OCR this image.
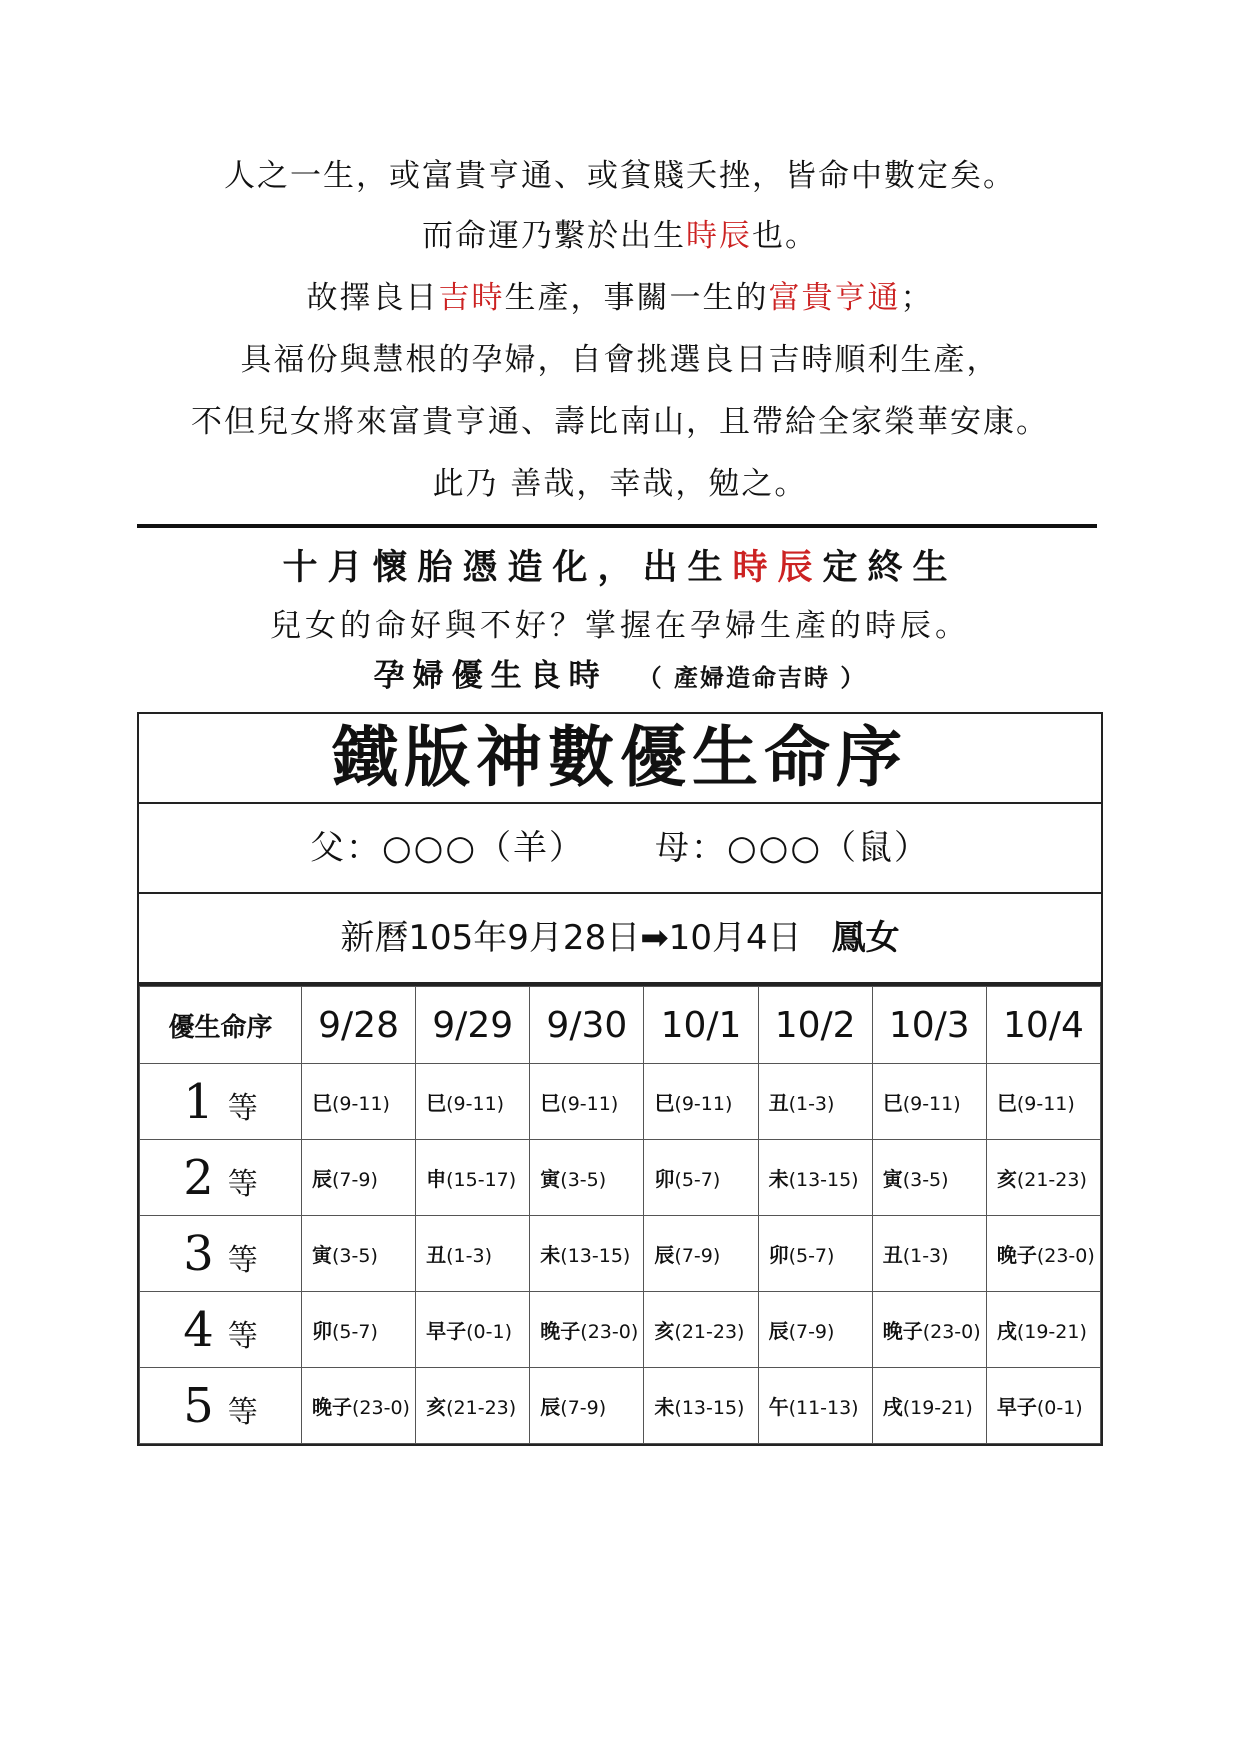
人之一生，或富貴亨通、或貧賤夭挫，皆命中數定矣。
而命運乃繫於出生時辰也。
故擇良日吉時生產，事關一生的富貴亨通；
具福份與慧根的孕婦，自會挑選良日吉時順利生產，
不但兒女將來富貴亨通、壽比南山，且帶給全家榮華安康。
此乃 善哉，幸哉，勉之。
十月懷胎憑造化，出生時辰定終生
兒女的命好與不好？掌握在孕婦生產的時辰。
孕婦優生良時 （ 產婦造命吉時 ）
鐵版神數優生命序
父：○○○（羊） 母：○○○（鼠）
新曆105年9月28日➡10月4日 鳳女
優生命序	9/28	9/29	9/30	10/1	10/2	10/3	10/4
1 等	巳(9-11)	巳(9-11)	巳(9-11)	巳(9-11)	丑(1-3)	巳(9-11)	巳(9-11)
2 等	辰(7-9)	申(15-17)	寅(3-5)	卯(5-7)	未(13-15)	寅(3-5)	亥(21-23)
3 等	寅(3-5)	丑(1-3)	未(13-15)	辰(7-9)	卯(5-7)	丑(1-3)	晚子(23-0)
4 等	卯(5-7)	早子(0-1)	晚子(23-0)	亥(21-23)	辰(7-9)	晚子(23-0)	戌(19-21)
5 等	晚子(23-0)	亥(21-23)	辰(7-9)	未(13-15)	午(11-13)	戌(19-21)	早子(0-1)
